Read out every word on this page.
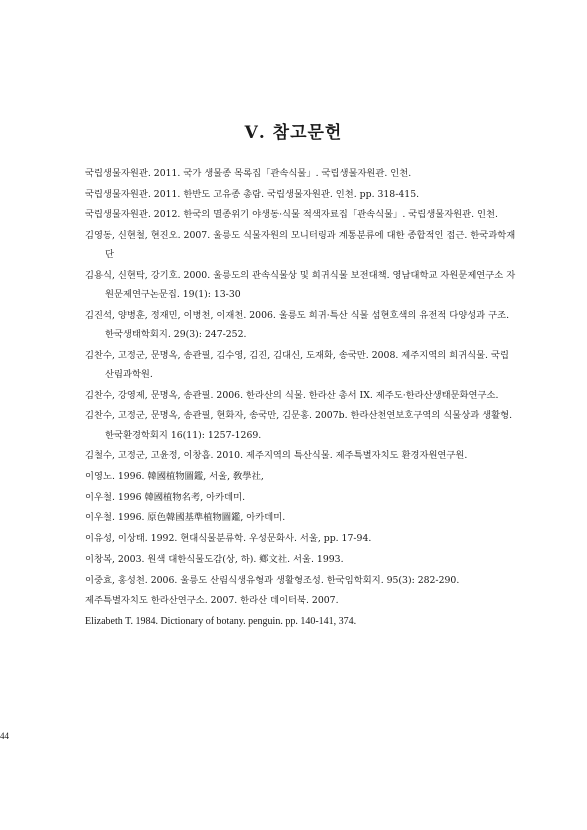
Ⅴ. 참고문헌
국립생물자원관. 2011. 국가 생물종 목록집「관속식물」. 국립생물자원관. 인천.
국립생물자원관. 2011. 한반도 고유종 총람. 국립생물자원관. 인천. pp. 318-415.
국립생물자원관. 2012. 한국의 멸종위기 야생동·식물 적색자료집「관속식물」. 국립생물자원관. 인천.
김영동, 신현철, 현진오. 2007. 울릉도 식물자원의 모니터링과 계통분류에 대한 종합적인 접근. 한국과학재단
김용식, 신현탁, 강기호. 2000. 울릉도의 관속식물상 및 희귀식물 보전대책. 영남대학교 자원문제연구소 자원문제연구논문집. 19(1): 13-30
김진석, 양병훈, 정재민, 이병천, 이재천. 2006. 울릉도 희귀·특산 식물 섬현호색의 유전적 다양성과 구조. 한국생태학회지. 29(3): 247-252.
김찬수, 고정군, 문명옥, 송관필, 김수영, 김진, 김대신, 도재화, 송국만. 2008. 제주지역의 희귀식물. 국립산림과학원.
김찬수, 강영제, 문명옥, 송관필. 2006. 한라산의 식물. 한라산 총서 IX. 제주도·한라산생태문화연구소.
김찬수, 고정군, 문명옥, 송관필, 현화자, 송국만, 김문홍. 2007b. 한라산천연보호구역의 식물상과 생활형. 한국환경학회지 16(11): 1257-1269.
김철수, 고정군, 고윤정, 이창흡. 2010. 제주지역의 특산식물. 제주특별자치도 환경자원연구원.
이영노. 1996. 韓國植物圖鑑, 서울, 敎學社,
이우철. 1996 韓國植物名考, 아카데미.
이우철. 1996. 原色韓國基準植物圖鑑, 아카데미.
이유성, 이상태. 1992. 현대식물분류학. 우성문화사. 서울, pp. 17-94.
이창복, 2003. 원색 대한식물도감(상, 하). 鄕文社. 서울. 1993.
이중효, 홍성천. 2006. 울릉도 산림식생유형과 생활형조성. 한국임학회지. 95(3): 282-290.
제주특별자치도 한라산연구소. 2007. 한라산 데이터북. 2007.
Elizabeth T. 1984. Dictionary of botany. penguin. pp. 140-141, 374.
44
